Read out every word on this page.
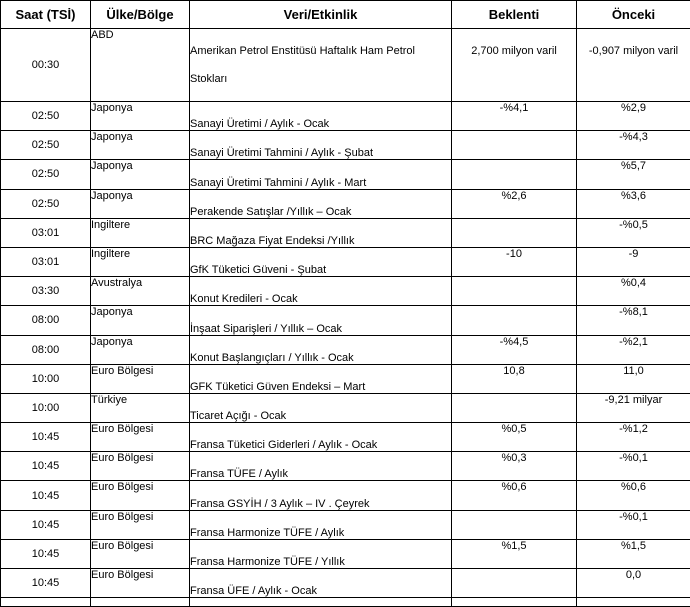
Saat (TSİ)	Ülke/Bölge	Veri/Etkinlik	Beklenti	Önceki
00:30	ABD	Amerikan Petrol Enstitüsü Haftalık Ham Petrol Stokları	2,700 milyon varil	-0,907 milyon varil
02:50	Japonya	Sanayi Üretimi / Aylık - Ocak	-%4,1	%2,9
02:50	Japonya	Sanayi Üretimi Tahmini / Aylık - Şubat		-%4,3
02:50	Japonya	Sanayi Üretimi Tahmini / Aylık - Mart		%5,7
02:50	Japonya	Perakende Satışlar /Yıllık – Ocak	%2,6	%3,6
03:01	Ingiltere	BRC Mağaza Fiyat Endeksi /Yıllık		-%0,5
03:01	Ingiltere	GfK Tüketici Güveni - Şubat	-10	-9
03:30	Avustralya	Konut Kredileri - Ocak		%0,4
08:00	Japonya	İnşaat Siparişleri / Yıllık – Ocak		-%8,1
08:00	Japonya	Konut Başlangıçları / Yıllık - Ocak	-%4,5	-%2,1
10:00	Euro Bölgesi	GFK Tüketici Güven Endeksi – Mart	10,8	11,0
10:00	Türkiye	Ticaret Açığı - Ocak		-9,21 milyar
10:45	Euro Bölgesi	Fransa Tüketici Giderleri / Aylık - Ocak	%0,5	-%1,2
10:45	Euro Bölgesi	Fransa TÜFE / Aylık	%0,3	-%0,1
10:45	Euro Bölgesi	Fransa GSYİH / 3 Aylık – IV . Çeyrek	%0,6	%0,6
10:45	Euro Bölgesi	Fransa Harmonize TÜFE / Aylık		-%0,1
10:45	Euro Bölgesi	Fransa Harmonize TÜFE / Yıllık	%1,5	%1,5
10:45	Euro Bölgesi	Fransa ÜFE / Aylık - Ocak		0,0
